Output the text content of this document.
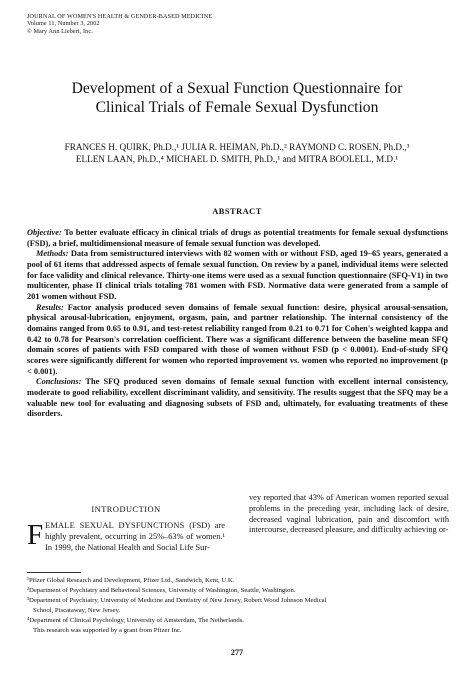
JOURNAL OF WOMEN'S HEALTH & GENDER-BASED MEDICINE
Volume 11, Number 3, 2002
© Mary Ann Liebert, Inc.
Development of a Sexual Function Questionnaire for
Clinical Trials of Female Sexual Dysfunction
FRANCES H. QUIRK, Ph.D.,¹ JULIA R. HEIMAN, Ph.D.,² RAYMOND C. ROSEN, Ph.D.,³
ELLEN LAAN, Ph.D.,⁴ MICHAEL D. SMITH, Ph.D.,¹ and MITRA BOOLELL, M.D.¹
ABSTRACT

Objective: To better evaluate efficacy in clinical trials of drugs as potential treatments for female sexual dysfunctions (FSD), a brief, multidimensional measure of female sexual function was developed.

Methods: Data from semistructured interviews with 82 women with or without FSD, aged 19–65 years, generated a pool of 61 items that addressed aspects of female sexual function. On review by a panel, individual items were selected for face validity and clinical relevance. Thirty-one items were used as a sexual function questionnaire (SFQ-V1) in two multicenter, phase II clinical trials totaling 781 women with FSD. Normative data were generated from a sample of 201 women without FSD.

Results: Factor analysis produced seven domains of female sexual function: desire, physical arousal-sensation, physical arousal-lubrication, enjoyment, orgasm, pain, and partner relationship. The internal consistency of the domains ranged from 0.65 to 0.91, and test-retest reliability ranged from 0.21 to 0.71 for Cohen's weighted kappa and 0.42 to 0.78 for Pearson's correlation coefficient. There was a significant difference between the baseline mean SFQ domain scores of patients with FSD compared with those of women without FSD (p < 0.0001). End-of-study SFQ scores were significantly different for women who reported improvement vs. women who reported no improvement (p < 0.001).

Conclusions: The SFQ produced seven domains of female sexual function with excellent internal consistency, moderate to good reliability, excellent discriminant validity, and sensitivity. The results suggest that the SFQ may be a valuable new tool for evaluating and diagnosing subsets of FSD and, ultimately, for evaluating treatments of these disorders.

INTRODUCTION
FEMALE SEXUAL DYSFUNCTIONS (FSD) are highly prevalent, occurring in 25%–63% of women.¹ In 1999, the National Health and Social Life Sur-

vey reported that 43% of American women reported sexual problems in the preceding year, including lack of desire, decreased vaginal lubrication, pain and discomfort with intercourse, decreased pleasure, and difficulty achieving or-

¹Pfizer Global Research and Development, Pfizer Ltd., Sandwich, Kent, U.K.
²Department of Psychiatry and Behavioral Sciences, University of Washington, Seattle, Washington.
³Department of Psychiatry, University of Medicine and Dentistry of New Jersey, Robert Wood Johnson Medical
School, Piscataway, New Jersey.
⁴Department of Clinical Psychology, University of Amsterdam, The Netherlands.
This research was supported by a grant from Pfizer Inc.
277
